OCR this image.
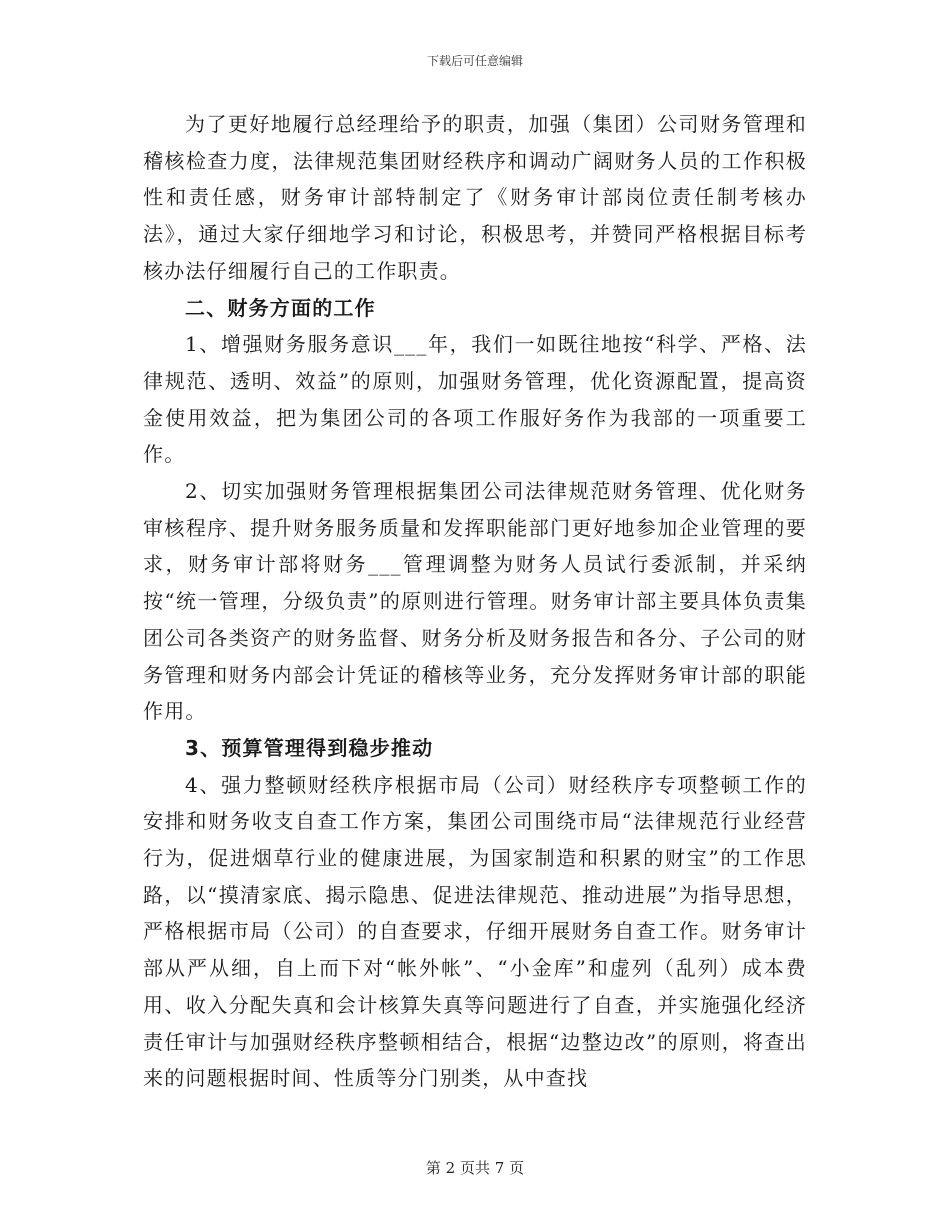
下载后可任意编辑

为了更好地履行总经理给予的职责，加强（集团）公司财务管理和稽核检查力度，法律规范集团财经秩序和调动广阔财务人员的工作积极性和责任感，财务审计部特制定了《财务审计部岗位责任制考核办法》，通过大家仔细地学习和讨论，积极思考，并赞同严格根据目标考核办法仔细履行自己的工作职责。

二、财务方面的工作

1、增强财务服务意识___年，我们一如既往地按“科学、严格、法律规范、透明、效益”的原则，加强财务管理，优化资源配置，提高资金使用效益，把为集团公司的各项工作服好务作为我部的一项重要工作。

2、切实加强财务管理根据集团公司法律规范财务管理、优化财务审核程序、提升财务服务质量和发挥职能部门更好地参加企业管理的要求，财务审计部将财务___管理调整为财务人员试行委派制，并采纳按“统一管理，分级负责”的原则进行管理。财务审计部主要具体负责集团公司各类资产的财务监督、财务分析及财务报告和各分、子公司的财务管理和财务内部会计凭证的稽核等业务，充分发挥财务审计部的职能作用。

3、预算管理得到稳步推动

4、强力整顿财经秩序根据市局（公司）财经秩序专项整顿工作的安排和财务收支自查工作方案，集团公司围绕市局“法律规范行业经营行为，促进烟草行业的健康进展，为国家制造和积累的财宝”的工作思路，以“摸清家底、揭示隐患、促进法律规范、推动进展”为指导思想，严格根据市局（公司）的自查要求，仔细开展财务自查工作。财务审计部从严从细，自上而下对“帐外帐”、“小金库”和虚列（乱列）成本费用、收入分配失真和会计核算失真等问题进行了自查，并实施强化经济责任审计与加强财经秩序整顿相结合，根据“边整边改”的原则，将查出来的问题根据时间、性质等分门别类，从中查找

第 2 页共 7 页
